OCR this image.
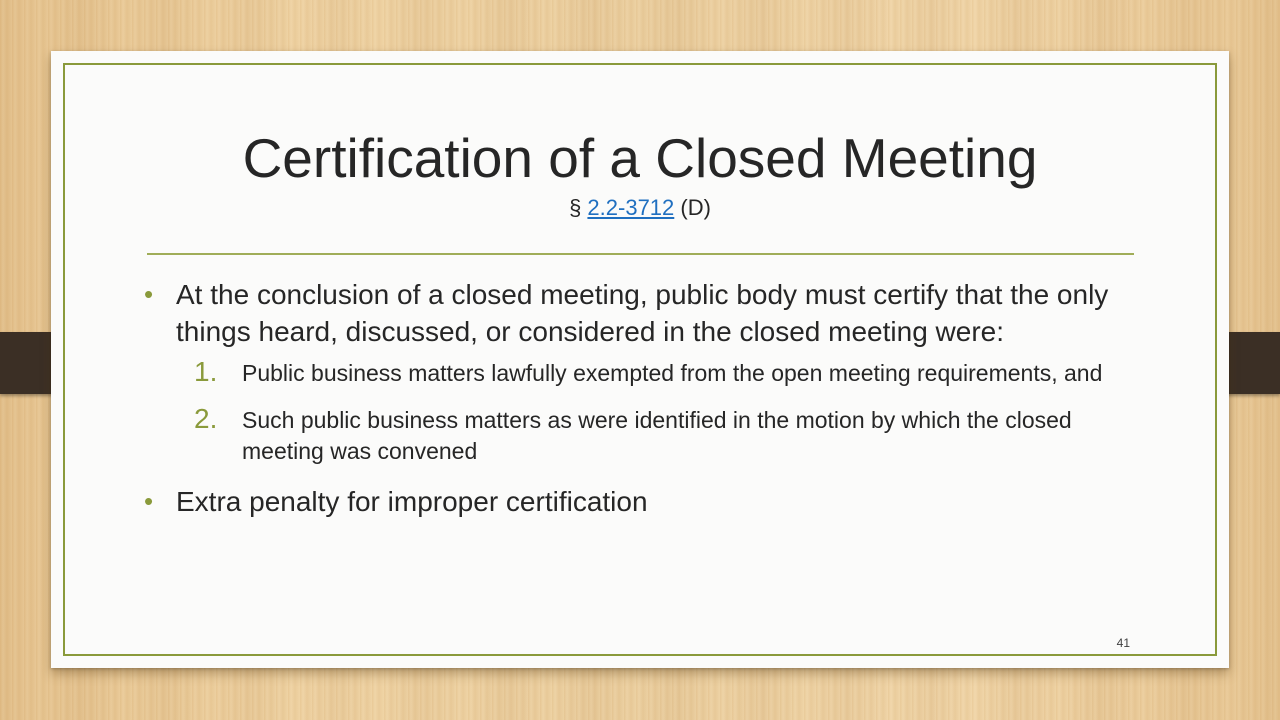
Certification of a Closed Meeting
§ 2.2-3712 (D)
• At the conclusion of a closed meeting, public body must certify that the only things heard, discussed, or considered in the closed meeting were:
1. Public business matters lawfully exempted from the open meeting requirements, and
2. Such public business matters as were identified in the motion by which the closed meeting was convened
• Extra penalty for improper certification
41
